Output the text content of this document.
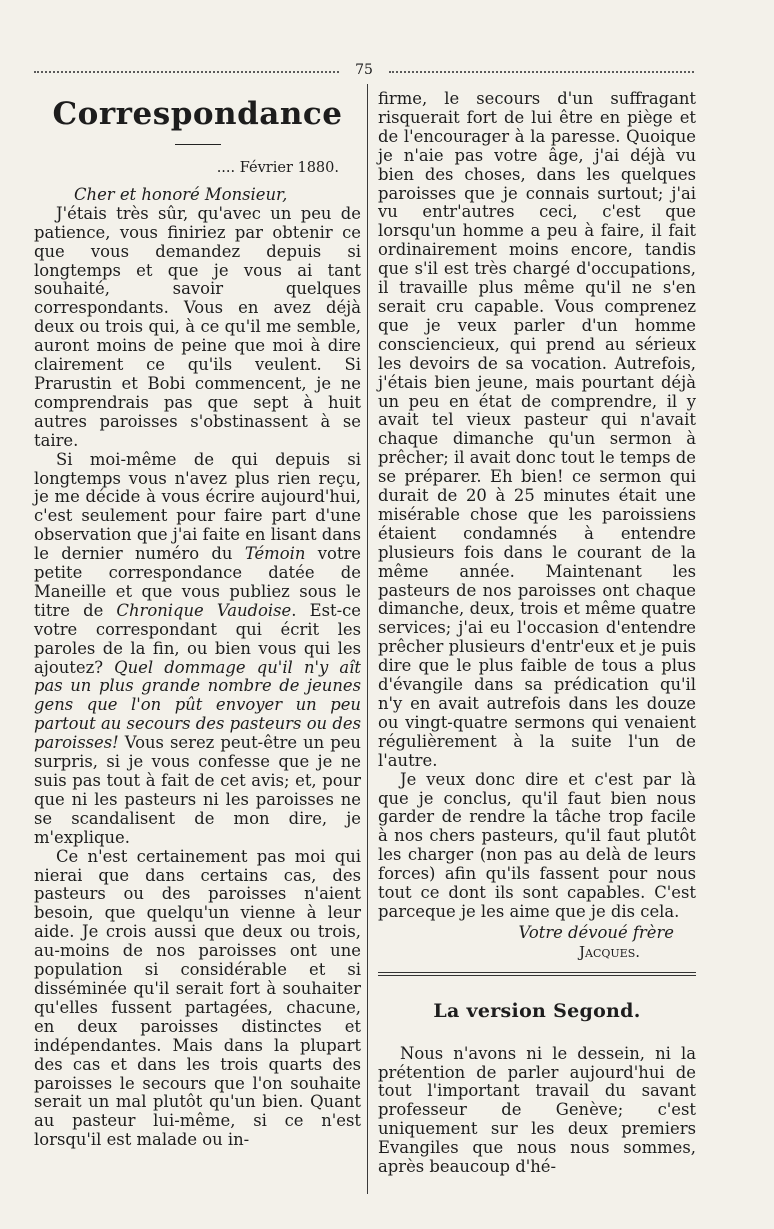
75
Correspondance
.... Février 1880.
Cher et honoré Monsieur,

J'étais très sûr, qu'avec un peu de patience, vous finiriez par obtenir ce que vous demandez depuis si longtemps et que je vous ai tant souhaité, savoir quelques correspondants. Vous en avez déjà deux ou trois qui, à ce qu'il me semble, auront moins de peine que moi à dire clairement ce qu'ils veulent. Si Prarustin et Bobi commencent, je ne comprendrais pas que sept à huit autres paroisses s'obstinassent à se taire.

Si moi-même de qui depuis si longtemps vous n'avez plus rien reçu, je me décide à vous écrire aujourd'hui, c'est seulement pour faire part d'une observation que j'ai faite en lisant dans le dernier numéro du Témoin votre petite correspondance datée de Maneille et que vous publiez sous le titre de Chronique Vaudoise. Est-ce votre correspondant qui écrit les paroles de la fin, ou bien vous qui les ajoutez? Quel dommage qu'il n'y aît pas un plus grande nombre de jeunes gens que l'on pût envoyer un peu partout au secours des pasteurs ou des paroisses! Vous serez peut-être un peu surpris, si je vous confesse que je ne suis pas tout à fait de cet avis; et, pour que ni les pasteurs ni les paroisses ne se scandalisent de mon dire, je m'explique.

Ce n'est certainement pas moi qui nierai que dans certains cas, des pasteurs ou des paroisses n'aient besoin, que quelqu'un vienne à leur aide. Je crois aussi que deux ou trois, au-moins de nos paroisses ont une population si considérable et si disséminée qu'il serait fort à souhaiter qu'elles fussent partagées, chacune, en deux paroisses distinctes et indépendantes. Mais dans la plupart des cas et dans les trois quarts des paroisses le secours que l'on souhaite serait un mal plutôt qu'un bien. Quant au pasteur lui-même, si ce n'est lorsqu'il est malade ou in-

firme, le secours d'un suffragant risquerait fort de lui être en piège et de l'encourager à la paresse. Quoique je n'aie pas votre âge, j'ai déjà vu bien des choses, dans les quelques paroisses que je connais surtout; j'ai vu entr'autres ceci, c'est que lorsqu'un homme a peu à faire, il fait ordinairement moins encore, tandis que s'il est très chargé d'occupations, il travaille plus même qu'il ne s'en serait cru capable. Vous comprenez que je veux parler d'un homme consciencieux, qui prend au sérieux les devoirs de sa vocation. Autrefois, j'étais bien jeune, mais pourtant déjà un peu en état de comprendre, il y avait tel vieux pasteur qui n'avait chaque dimanche qu'un sermon à prêcher; il avait donc tout le temps de se préparer. Eh bien! ce sermon qui durait de 20 à 25 minutes était une misérable chose que les paroissiens étaient condamnés à entendre plusieurs fois dans le courant de la même année. Maintenant les pasteurs de nos paroisses ont chaque dimanche, deux, trois et même quatre services; j'ai eu l'occasion d'entendre prêcher plusieurs d'entr'eux et je puis dire que le plus faible de tous a plus d'évangile dans sa prédication qu'il n'y en avait autrefois dans les douze ou vingt-quatre sermons qui venaient régulièrement à la suite l'un de l'autre.

Je veux donc dire et c'est par là que je conclus, qu'il faut bien nous garder de rendre la tâche trop facile à nos chers pasteurs, qu'il faut plutôt les charger (non pas au delà de leurs forces) afin qu'ils fassent pour nous tout ce dont ils sont capables. C'est parceque je les aime que je dis cela.

Votre dévoué frère
Jacques.
La version Segond.

Nous n'avons ni le dessein, ni la prétention de parler aujourd'hui de tout l'important travail du savant professeur de Genève; c'est uniquement sur les deux premiers Evangiles que nous nous sommes, après beaucoup d'hé-
